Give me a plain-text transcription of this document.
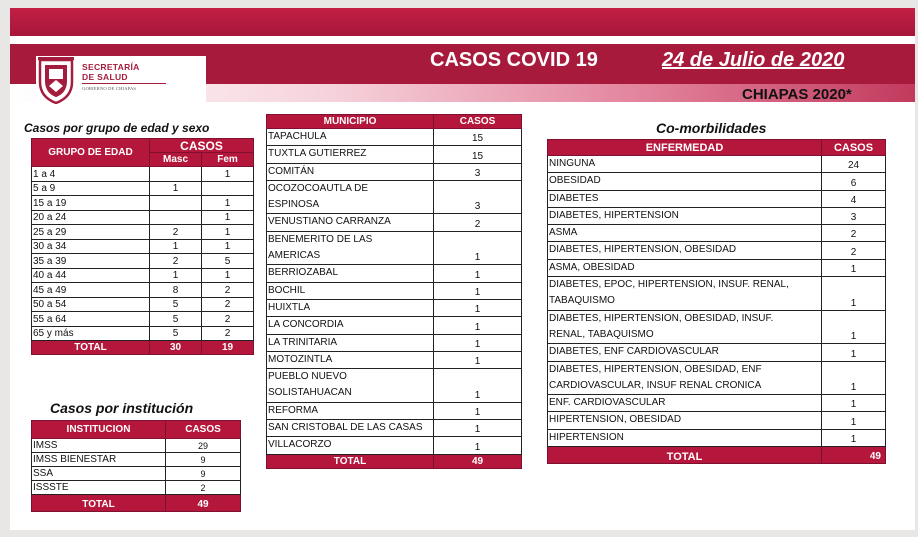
CASOS COVID 19	24 de Julio de 2020
CHIAPAS 2020*
SECRETARÍA
DE SALUD
GOBIERNO DE CHIAPAS
Casos por grupo de edad y sexo
GRUPO DE EDAD	CASOS	
	Masc	Fem
1 a 4		1
5 a 9	1	
15 a 19		1
20 a 24		1
25 a 29	2	1
30 a 34	1	1
35 a 39	2	5
40 a 44	1	1
45 a 49	8	2
50 a 54	5	2
55 a 64	5	2
65 y más	5	2
TOTAL	30	19
Casos por institución
INSTITUCION	CASOS
IMSS	29
IMSS BIENESTAR	9
SSA	9
ISSSTE	2
TOTAL	49
MUNICIPIO	CASOS

TAPACHULA	15

TUXTLA GUTIERREZ	15

COMITÁN	3

OCOZOCOAUTLA DE
ESPINOSA	3

VENUSTIANO CARRANZA	2

BENEMERITO DE LAS
AMERICAS	1

BERRIOZABAL	1

BOCHIL	1

HUIXTLA	1

LA CONCORDIA	1

LA TRINITARIA	1

MOTOZINTLA	1

PUEBLO NUEVO
SOLISTAHUACAN	1

REFORMA	1

SAN CRISTOBAL DE LAS CASAS	1

VILLACORZO	1
TOTAL	49
Co-morbilidades
ENFERMEDAD	CASOS

NINGUNA	24

OBESIDAD	6

DIABETES	4

DIABETES, HIPERTENSION	3

ASMA	2

DIABETES, HIPERTENSION, OBESIDAD	2

ASMA, OBESIDAD	1

DIABETES, EPOC, HIPERTENSION, INSUF. RENAL,
TABAQUISMO	1

DIABETES, HIPERTENSION, OBESIDAD, INSUF.
RENAL, TABAQUISMO	1

DIABETES, ENF CARDIOVASCULAR	1

DIABETES, HIPERTENSION, OBESIDAD, ENF
CARDIOVASCULAR, INSUF RENAL CRONICA	1

ENF. CARDIOVASCULAR	1

HIPERTENSION, OBESIDAD	1

HIPERTENSION	1
TOTAL	49
